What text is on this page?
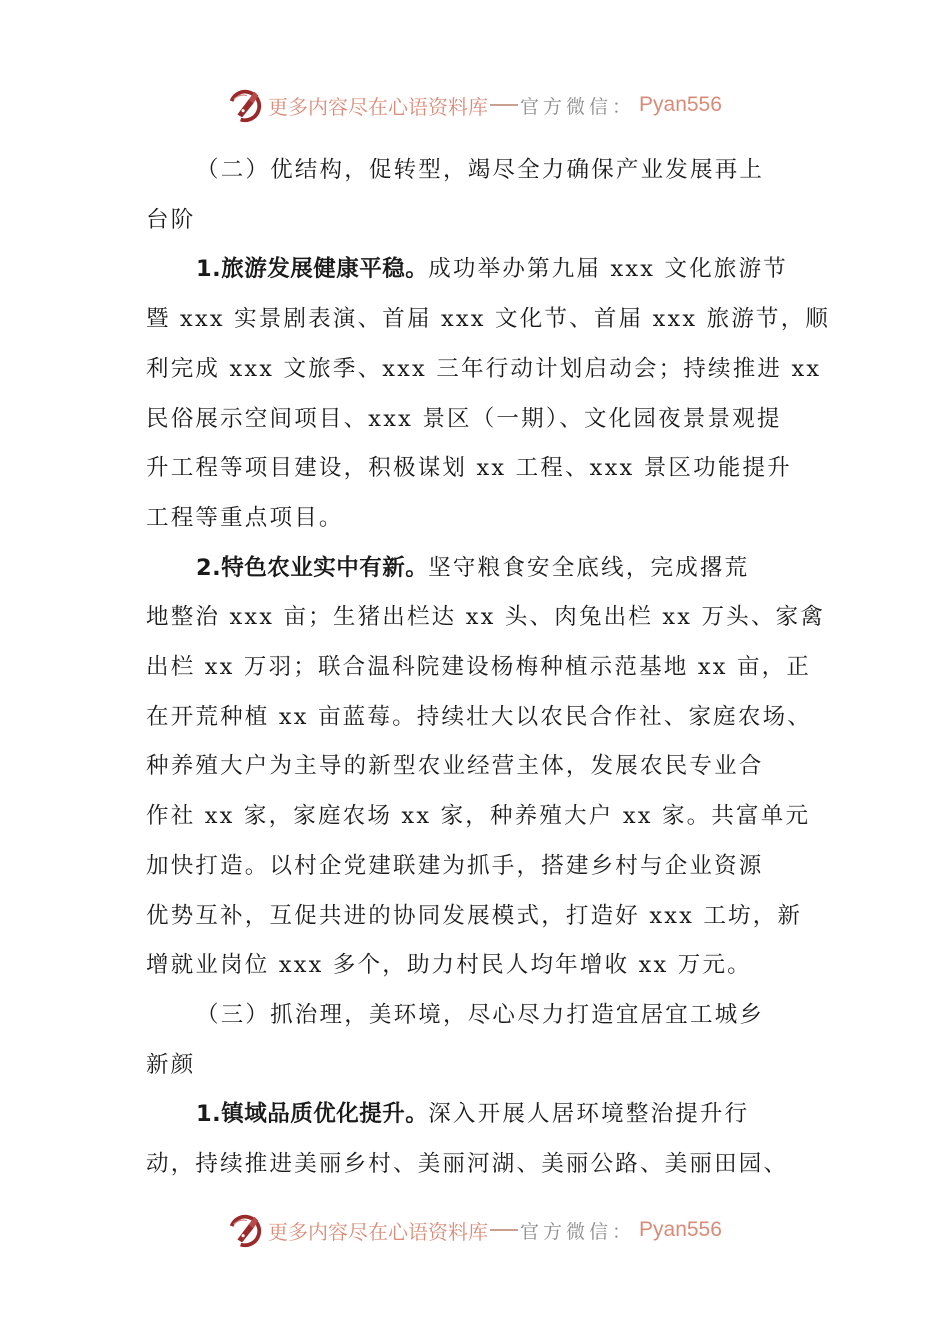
更多内容尽在心语资料库 官方微信： Pyan556

（二）优结构，促转型，竭尽全力确保产业发展再上
台阶

1.旅游发展健康平稳。成功举办第九届 xxx 文化旅游节
暨 xxx 实景剧表演、首届 xxx 文化节、首届 xxx 旅游节，顺
利完成 xxx 文旅季、xxx 三年行动计划启动会；持续推进 xx
民俗展示空间项目、xxx 景区（一期）、文化园夜景景观提
升工程等项目建设，积极谋划 xx 工程、xxx 景区功能提升
工程等重点项目。

2.特色农业实中有新。坚守粮食安全底线，完成撂荒
地整治 xxx 亩；生猪出栏达 xx 头、肉兔出栏 xx 万头、家禽
出栏 xx 万羽；联合温科院建设杨梅种植示范基地 xx 亩，正
在开荒种植 xx 亩蓝莓。持续壮大以农民合作社、家庭农场、
种养殖大户为主导的新型农业经营主体，发展农民专业合
作社 xx 家，家庭农场 xx 家，种养殖大户 xx 家。共富单元
加快打造。以村企党建联建为抓手，搭建乡村与企业资源
优势互补，互促共进的协同发展模式，打造好 xxx 工坊，新
增就业岗位 xxx 多个，助力村民人均年增收 xx 万元。

（三）抓治理，美环境，尽心尽力打造宜居宜工城乡
新颜

1.镇域品质优化提升。深入开展人居环境整治提升行
动，持续推进美丽乡村、美丽河湖、美丽公路、美丽田园、

更多内容尽在心语资料库 官方微信： Pyan556
